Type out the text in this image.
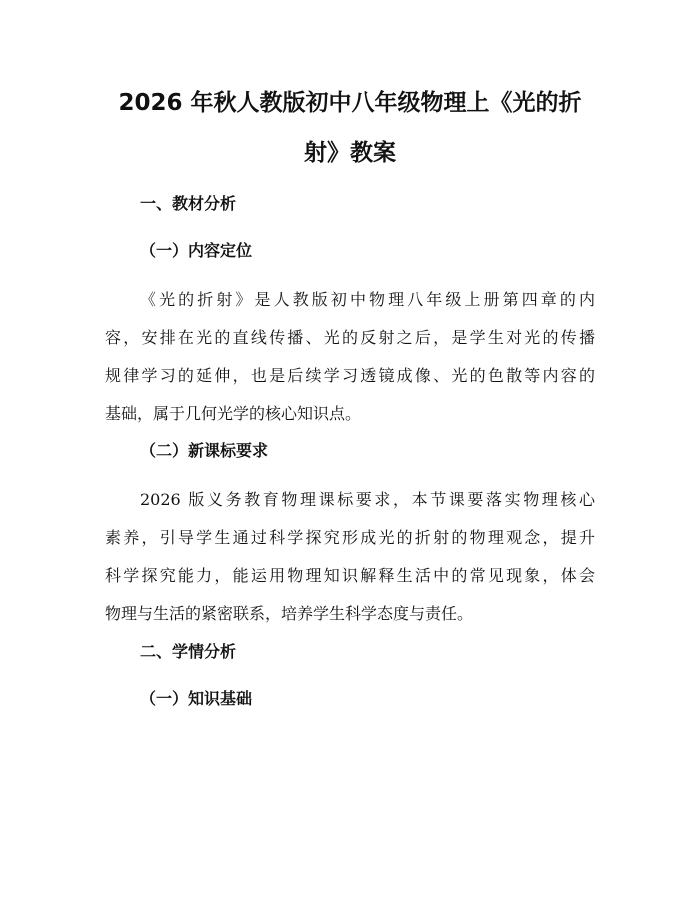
2026 年秋人教版初中八年级物理上《光的折
射》教案
一、教材分析
（一）内容定位
《光的折射》是人教版初中物理八年级上册第四章的内
容，安排在光的直线传播、光的反射之后，是学生对光的传播
规律学习的延伸，也是后续学习透镜成像、光的色散等内容的
基础，属于几何光学的核心知识点。
（二）新课标要求
2026 版义务教育物理课标要求，本节课要落实物理核心
素养，引导学生通过科学探究形成光的折射的物理观念，提升
科学探究能力，能运用物理知识解释生活中的常见现象，体会
物理与生活的紧密联系，培养学生科学态度与责任。
二、学情分析
（一）知识基础
